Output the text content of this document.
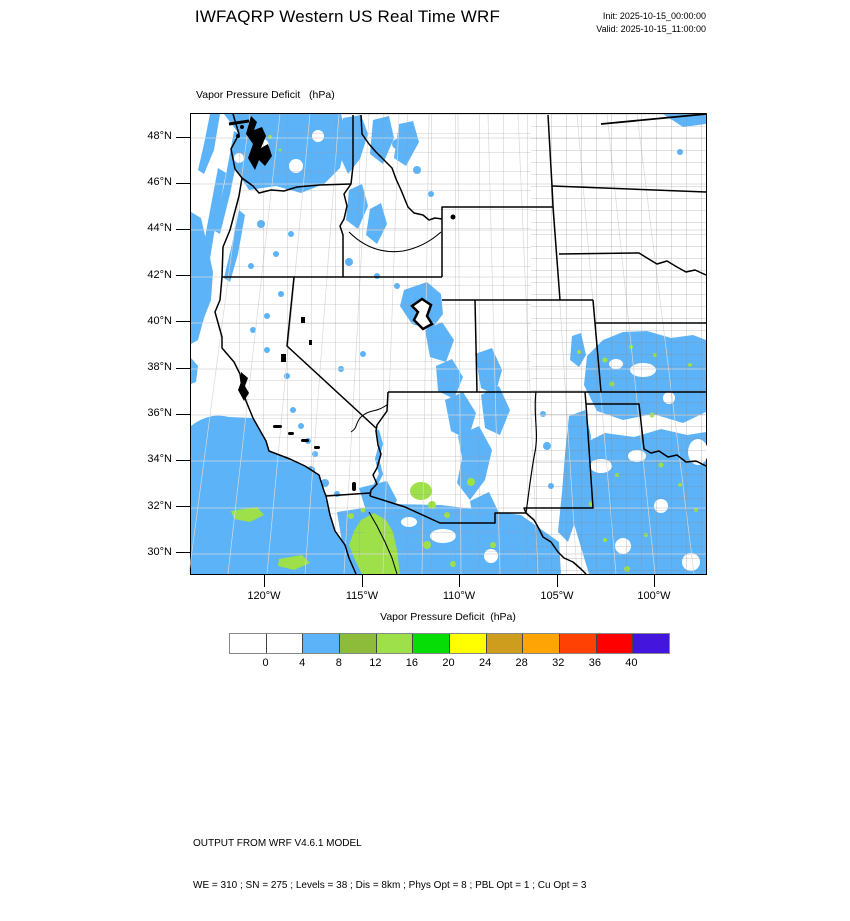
IWFAQRP Western US Real Time WRF	Init: 2025-10-15_00:00:00
Valid: 2025-10-15_11:00:00
Vapor Pressure Deficit   (hPa)
Vapor Pressure Deficit  (hPa)

OUTPUT FROM WRF V4.6.1 MODEL

WE = 310 ; SN = 275 ; Levels = 38 ; Dis = 8km ; Phys Opt = 8 ; PBL Opt = 1 ; Cu Opt = 3

48°N
46°N
44°N
42°N
40°N
38°N
36°N
34°N
32°N
30°N
120°W	115°W	110°W	105°W	100°W
0	4	8	12	16	20	24	28	32	36	40
